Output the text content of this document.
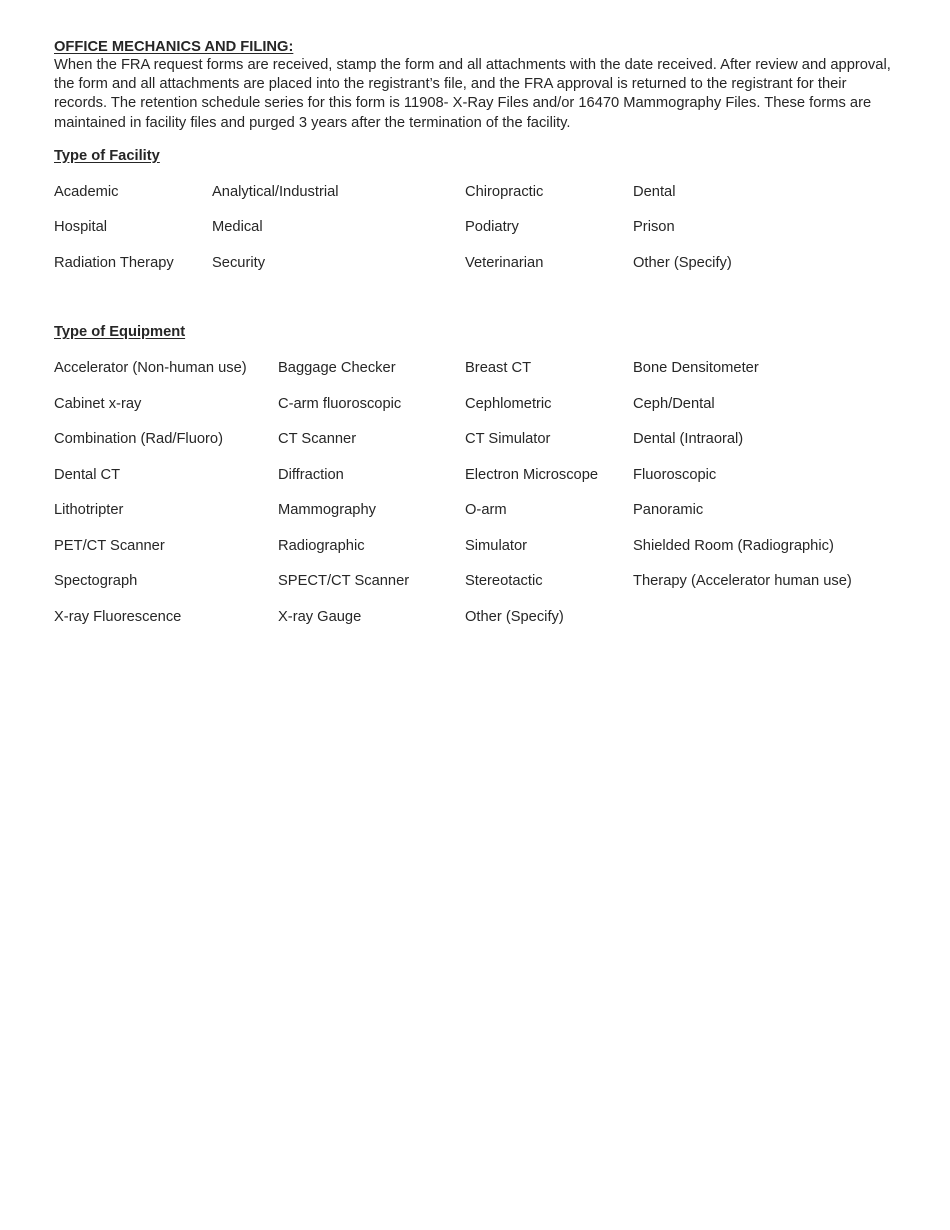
OFFICE MECHANICS AND FILING:
When the FRA request forms are received, stamp the form and all attachments with the date received. After review and approval,
the form and all attachments are placed into the registrant’s file, and the FRA approval is returned to the registrant for their
records. The retention schedule series for this form is 11908- X-Ray Files and/or 16470 Mammography Files. These forms are
maintained in facility files and purged 3 years after the termination of the facility.
Type of Facility
Academic	Analytical/Industrial	Chiropractic	Dental
Hospital	Medical	Podiatry	Prison
Radiation Therapy	Security	Veterinarian	Other (Specify)
Type of Equipment
Accelerator (Non-human use)	Baggage Checker	Breast CT	Bone Densitometer
Cabinet x-ray	C-arm fluoroscopic	Cephlometric	Ceph/Dental
Combination (Rad/Fluoro)	CT Scanner	CT Simulator	Dental (Intraoral)
Dental CT	Diffraction	Electron Microscope	Fluoroscopic
Lithotripter	Mammography	O-arm	Panoramic
PET/CT Scanner	Radiographic	Simulator	Shielded Room (Radiographic)
Spectograph	SPECT/CT Scanner	Stereotactic	Therapy (Accelerator human use)
X-ray Fluorescence	X-ray Gauge	Other (Specify)
